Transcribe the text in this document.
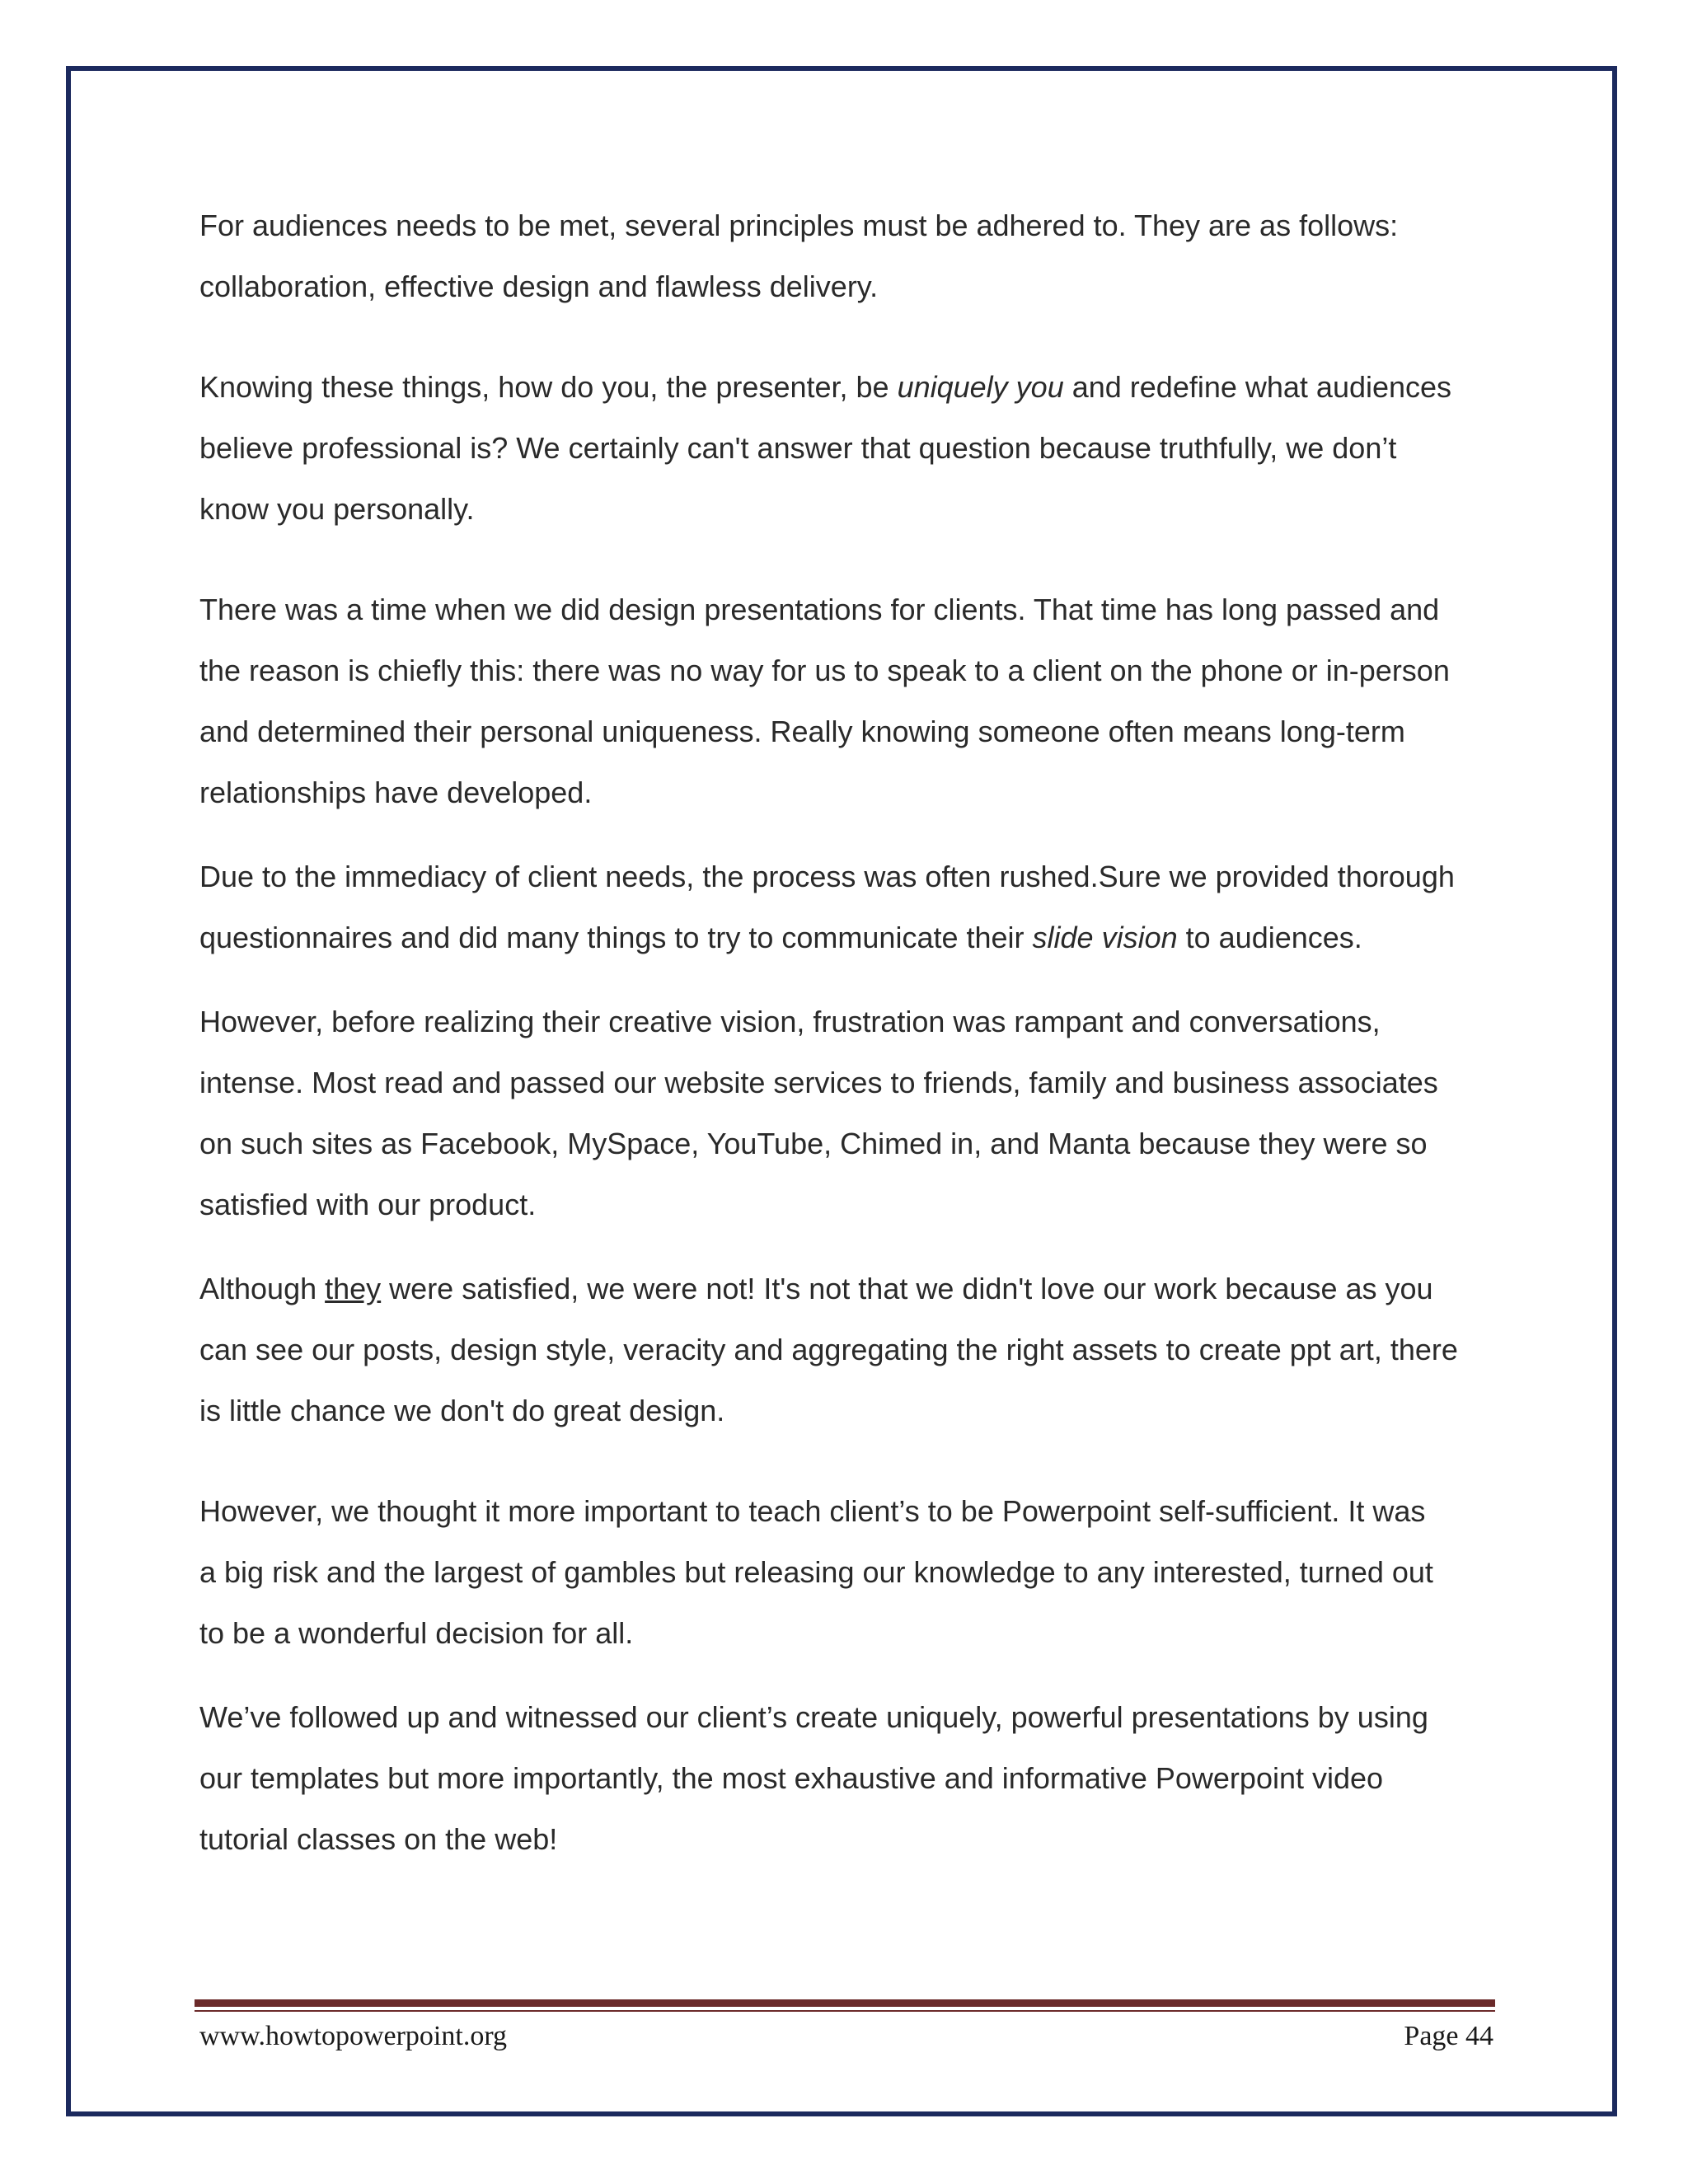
For audiences needs to be met, several principles must be adhered to. They are as follows:
collaboration, effective design and flawless delivery.

Knowing these things, how do you, the presenter, be uniquely you and redefine what audiences
believe professional is? We certainly can't answer that question because truthfully, we don’t
know you personally.

There was a time when we did design presentations for clients. That time has long passed and
the reason is chiefly this: there was no way for us to speak to a client on the phone or in-person
and determined their personal uniqueness. Really knowing someone often means long-term
relationships have developed.

Due to the immediacy of client needs, the process was often rushed.Sure we provided thorough
questionnaires and did many things to try to communicate their slide vision to audiences.

However, before realizing their creative vision, frustration was rampant and conversations,
intense. Most read and passed our website services to friends, family and business associates
on such sites as Facebook, MySpace, YouTube, Chimed in, and Manta because they were so
satisfied with our product.

Although they were satisfied, we were not! It's not that we didn't love our work because as you
can see our posts, design style, veracity and aggregating the right assets to create ppt art, there
is little chance we don't do great design.

However, we thought it more important to teach client’s to be Powerpoint self-sufficient. It was
a big risk and the largest of gambles but releasing our knowledge to any interested, turned out
to be a wonderful decision for all.

We’ve followed up and witnessed our client’s create uniquely, powerful presentations by using
our templates but more importantly, the most exhaustive and informative Powerpoint video
tutorial classes on the web!

www.howtopowerpoint.org	Page 44
